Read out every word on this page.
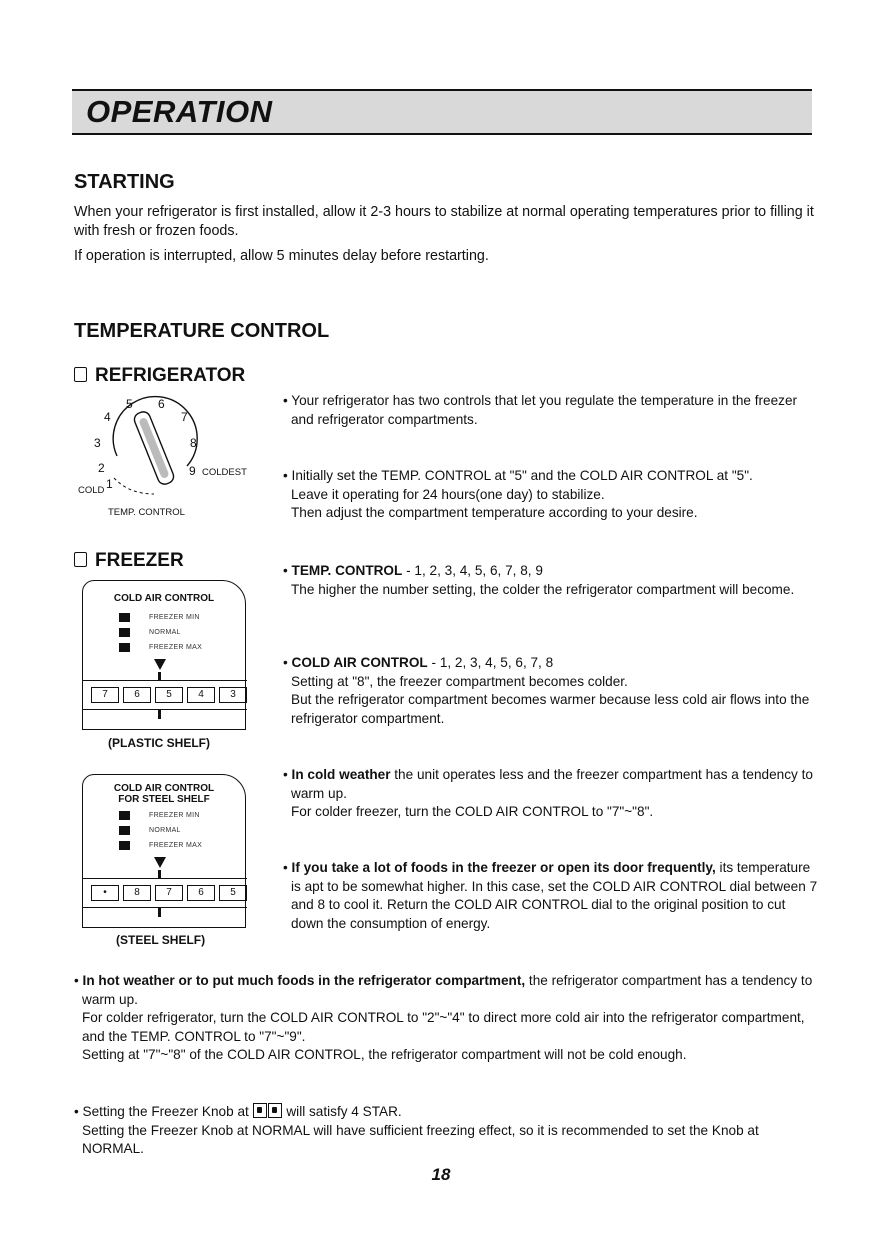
OPERATION
STARTING
When your refrigerator is first installed, allow it 2-3 hours to stabilize at normal operating temperatures prior to filling it with fresh or frozen foods.
If operation is interrupted, allow 5 minutes delay before restarting.
TEMPERATURE CONTROL
REFRIGERATOR
5 6
4	7
3	8
2	9
1
COLD
COLDEST
TEMP. CONTROL
• Your refrigerator has two controls that let you regulate the temperature in the freezer and refrigerator compartments.
• Initially set the TEMP. CONTROL at "5" and the COLD AIR CONTROL at "5".
Leave it operating for 24 hours(one day) to stabilize.
Then adjust the compartment temperature according to your desire.
FREEZER
COLD AIR CONTROL
FREEZER MIN
NORMAL
FREEZER MAX
7	6	5	4	3
(PLASTIC SHELF)
COLD AIR CONTROL
FOR STEEL SHELF
FREEZER MIN
NORMAL
FREEZER MAX
•	8	7	6	5
(STEEL SHELF)
• TEMP. CONTROL - 1, 2, 3, 4, 5, 6, 7, 8, 9
The higher the number setting, the colder the refrigerator compartment will become.
• COLD AIR CONTROL - 1, 2, 3, 4, 5, 6, 7, 8
Setting at "8", the freezer compartment becomes colder.
But the refrigerator compartment becomes warmer because less cold air flows into the refrigerator compartment.
• In cold weather the unit operates less and the freezer compartment has a tendency to warm up.
For colder freezer, turn the COLD AIR CONTROL to "7"~"8".
• If you take a lot of foods in the freezer or open its door frequently, its temperature is apt to be somewhat higher. In this case, set the COLD AIR CONTROL dial between 7 and 8 to cool it. Return the COLD AIR CONTROL dial to the original position to cut down the consumption of energy.
• In hot weather or to put much foods in the refrigerator compartment, the refrigerator compartment has a tendency to warm up.
For colder refrigerator, turn the COLD AIR CONTROL to "2"~"4" to direct more cold air into the refrigerator compartment, and the TEMP. CONTROL to "7"~"9".
Setting at "7"~"8" of the COLD AIR CONTROL, the refrigerator compartment will not be cold enough.
• Setting the Freezer Knob at  will satisfy 4 STAR.
Setting the Freezer Knob at NORMAL will have sufficient freezing effect, so it is recommended to set the Knob at NORMAL.
18
